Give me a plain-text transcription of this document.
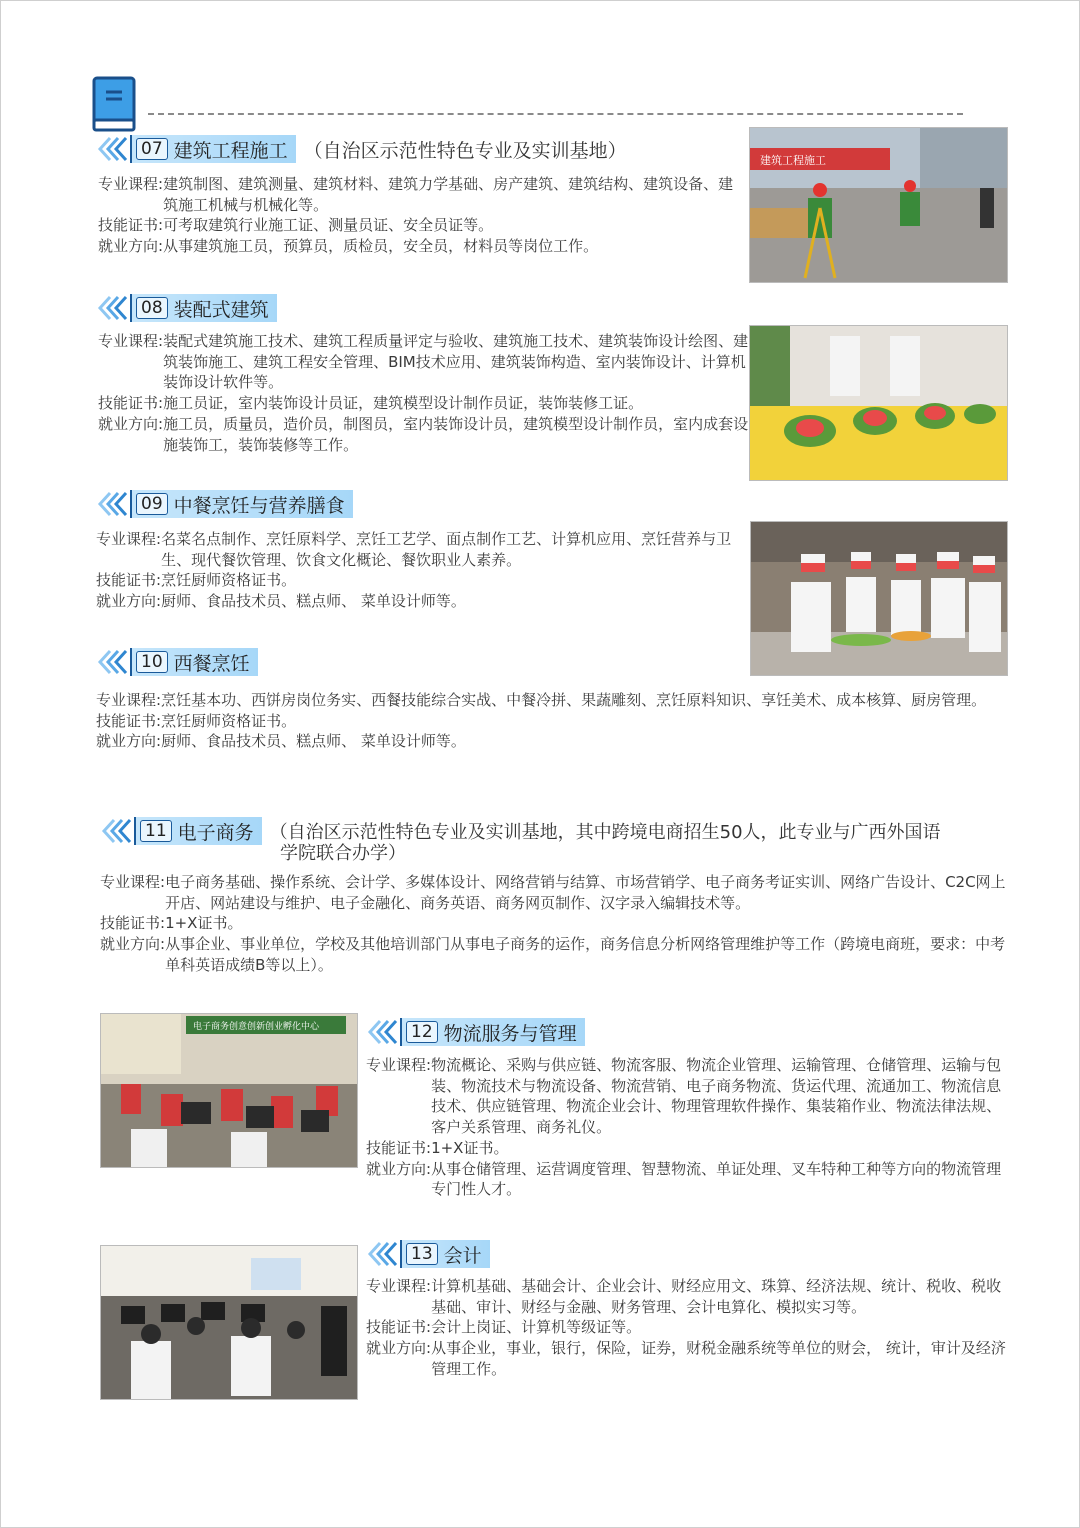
07 建筑工程施工 （自治区示范性特色专业及实训基地）
专业课程: 建筑制图、建筑测量、建筑材料、建筑力学基础、房产建筑、建筑结构、建筑设备、建筑施工机械与机械化等。
技能证书: 可考取建筑行业施工证、测量员证、安全员证等。
就业方向: 从事建筑施工员，预算员，质检员，安全员，材料员等岗位工作。
建筑工程施工
08 装配式建筑
专业课程: 装配式建筑施工技术、建筑工程质量评定与验收、建筑施工技术、建筑装饰设计绘图、建筑装饰施工、建筑工程安全管理、BIM技术应用、建筑装饰构造、室内装饰设计、计算机装饰设计软件等。
技能证书: 施工员证，室内装饰设计员证，建筑模型设计制作员证，装饰装修工证。
就业方向: 施工员，质量员，造价员，制图员，室内装饰设计员，建筑模型设计制作员，室内成套设施装饰工，装饰装修等工作。
09 中餐烹饪与营养膳食
专业课程: 名菜名点制作、烹饪原料学、烹饪工艺学、面点制作工艺、计算机应用、烹饪营养与卫生、现代餐饮管理、饮食文化概论、餐饮职业人素养。
技能证书: 烹饪厨师资格证书。
就业方向: 厨师、食品技术员、糕点师、 菜单设计师等。
10 西餐烹饪
专业课程: 烹饪基本功、西饼房岗位务实、西餐技能综合实战、中餐冷拼、果蔬雕刻、烹饪原料知识、享饪美术、成本核算、厨房管理。
技能证书: 烹饪厨师资格证书。
就业方向: 厨师、食品技术员、糕点师、 菜单设计师等。
11 电子商务 （自治区示范性特色专业及实训基地，其中跨境电商招生50人，此专业与广西外国语
学院联合办学）
专业课程: 电子商务基础、操作系统、会计学、多媒体设计、网络营销与结算、市场营销学、电子商务考证实训、网络广告设计、C2C网上开店、网站建设与维护、电子金融化、商务英语、商务网页制作、汉字录入编辑技术等。
技能证书: 1+X证书。
就业方向: 从事企业、事业单位，学校及其他培训部门从事电子商务的运作，商务信息分析网络管理维护等工作（跨境电商班，要求：中考单科英语成绩B等以上）。
电子商务创意创新创业孵化中心	12 物流服务与管理
专业课程: 物流概论、采购与供应链、物流客服、物流企业管理、运输管理、仓储管理、运输与包装、物流技术与物流设备、物流营销、电子商务物流、货运代理、流通加工、物流信息技术、供应链管理、物流企业会计、物理管理软件操作、集装箱作业、物流法律法规、客户关系管理、商务礼仪。
技能证书: 1+X证书。
就业方向: 从事仓储管理、运营调度管理、智慧物流、单证处理、叉车特种工种等方向的物流管理专门性人才。
13 会计
专业课程: 计算机基础、基础会计、企业会计、财经应用文、珠算、经济法规、统计、税收、税收基础、审计、财经与金融、财务管理、会计电算化、模拟实习等。
技能证书: 会计上岗证、计算机等级证等。
就业方向: 从事企业，事业，银行，保险，证券，财税金融系统等单位的财会， 统计，审计及经济管理工作。
